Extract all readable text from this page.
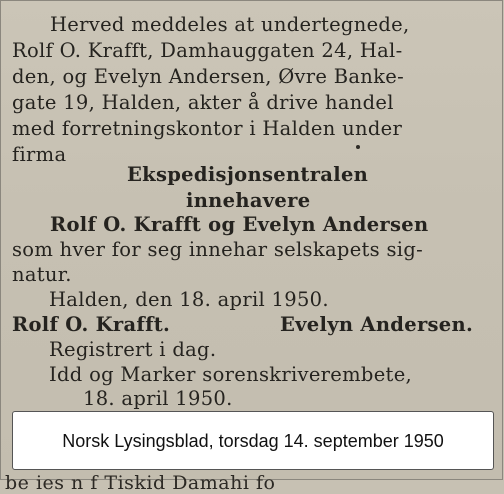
Herved meddeles at undertegnede,
Rolf O. Krafft, Damhauggaten 24, Hal-
den, og Evelyn Andersen, Øvre Banke-
gate 19, Halden, akter å drive handel
med forretningskontor i Halden under
firma
Ekspedisjonsentralen
innehavere
Rolf O. Krafft og Evelyn Andersen
som hver for seg innehar selskapets sig-
natur.
Halden, den 18. april 1950.
Rolf O. Krafft.	Evelyn Andersen.
Registrert i dag.
Idd og Marker sorenskriverembete,
18. april 1950.
Norsk Lysingsblad, torsdag 14. september 1950
be ies n f Tiskid Damahi fo
